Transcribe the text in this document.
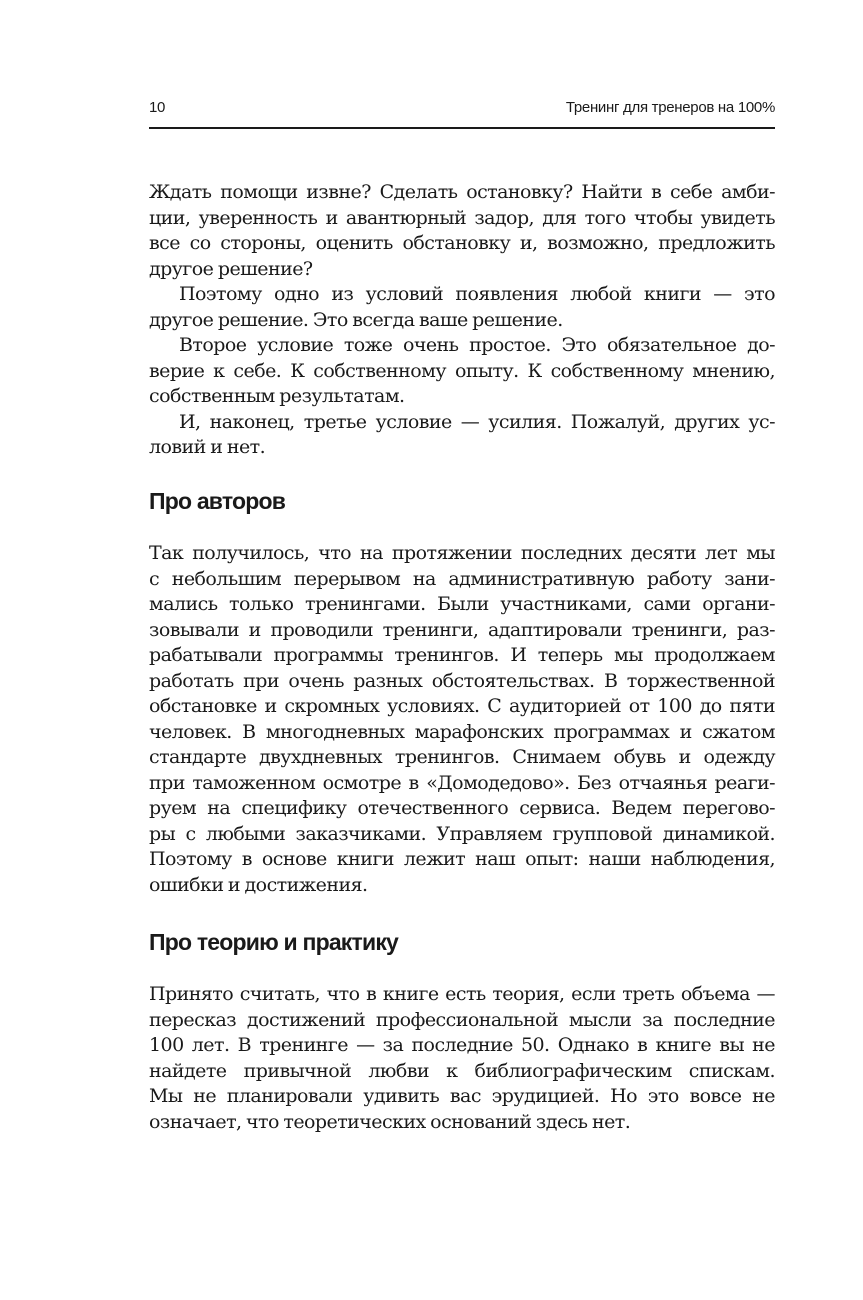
10	Тренинг для тренеров на 100%

Ждать помощи извне? Сделать остановку? Найти в себе амби-
ции, уверенность и авантюрный задор, для того чтобы увидеть
все со стороны, оценить обстановку и, возможно, предложить
другое решение?

Поэтому одно из условий появления любой книги — это
другое решение. Это всегда ваше решение.

Второе условие тоже очень простое. Это обязательное до-
верие к себе. К собственному опыту. К собственному мнению,
собственным результатам.

И, наконец, третье условие — усилия. Пожалуй, других ус-
ловий и нет.

Про авторов

Так получилось, что на протяжении последних десяти лет мы
с небольшим перерывом на административную работу зани-
мались только тренингами. Были участниками, сами органи-
зовывали и проводили тренинги, адаптировали тренинги, раз-
рабатывали программы тренингов. И теперь мы продолжаем
работать при очень разных обстоятельствах. В торжественной
обстановке и скромных условиях. С аудиторией от 100 до пяти
человек. В многодневных марафонских программах и сжатом
стандарте двухдневных тренингов. Снимаем обувь и одежду
при таможенном осмотре в «Домодедово». Без отчаянья реаги-
руем на специфику отечественного сервиса. Ведем перегово-
ры с любыми заказчиками. Управляем групповой динамикой.
Поэтому в основе книги лежит наш опыт: наши наблюдения,
ошибки и достижения.

Про теорию и практику

Принято считать, что в книге есть теория, если треть объема —
пересказ достижений профессиональной мысли за последние
100 лет. В тренинге — за последние 50. Однако в книге вы не
найдете привычной любви к библиографическим спискам.
Мы не планировали удивить вас эрудицией. Но это вовсе не
означает, что теоретических оснований здесь нет.
